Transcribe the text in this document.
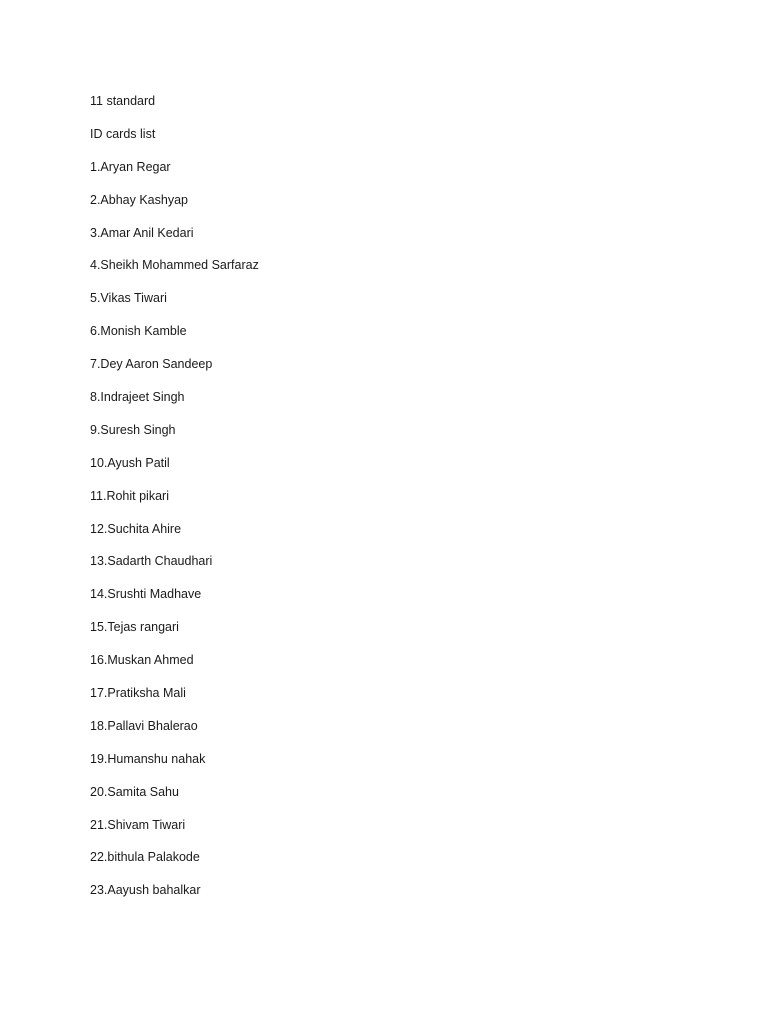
11 standard
ID cards list
1.Aryan Regar
2.Abhay Kashyap
3.Amar Anil Kedari
4.Sheikh Mohammed Sarfaraz
5.Vikas Tiwari
6.Monish Kamble
7.Dey Aaron Sandeep
8.Indrajeet Singh
9.Suresh Singh
10.Ayush Patil
11.Rohit pikari
12.Suchita Ahire
13.Sadarth Chaudhari
14.Srushti Madhave
15.Tejas rangari
16.Muskan Ahmed
17.Pratiksha Mali
18.Pallavi Bhalerao
19.Humanshu nahak
20.Samita Sahu
21.Shivam Tiwari
22.bithula Palakode
23.Aayush bahalkar
